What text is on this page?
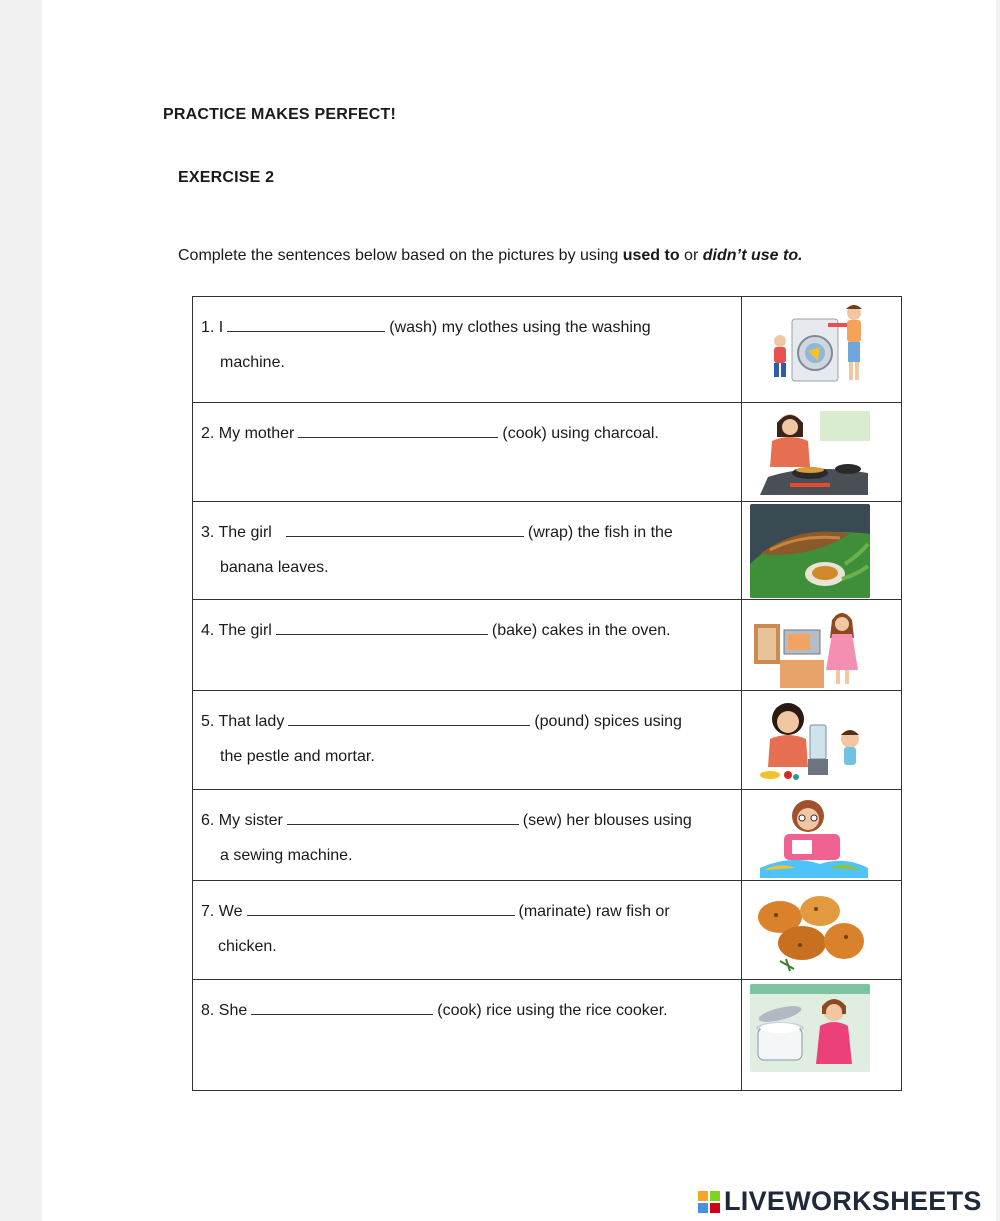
PRACTICE MAKES PERFECT!
EXERCISE 2
Complete the sentences below based on the pictures by using used to or didn’t use to.
1. I (wash) my clothes using the washing
machine.

2. My mother (cook) using charcoal.

3. The girl (wrap) the fish in the
banana leaves.

4. The girl (bake) cakes in the oven.

5. That lady (pound) spices using
the pestle and mortar.

6. My sister (sew) her blouses using
a sewing machine.

7. We (marinate) raw fish or
chicken.

8. She (cook) rice using the rice cooker.

LIVEWORKSHEETS
